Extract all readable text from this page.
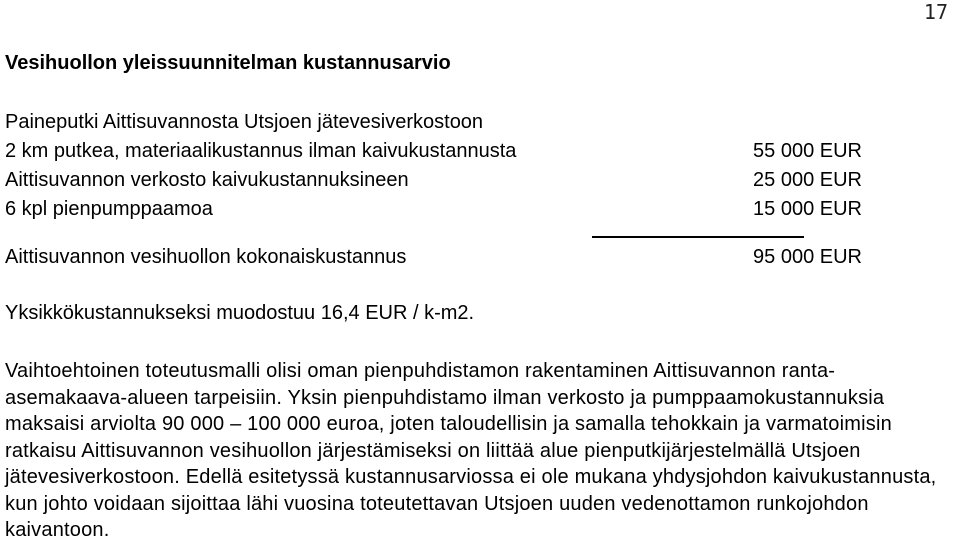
17
Vesihuollon yleissuunnitelman kustannusarvio
Paineputki Aittisuvannosta Utsjoen jätevesiverkostoon
2 km putkea, materiaalikustannus ilman kaivukustannusta	55 000 EUR
Aittisuvannon verkosto kaivukustannuksineen	25 000 EUR
6 kpl pienpumppaamoa	15 000 EUR
Aittisuvannon vesihuollon kokonaiskustannus	95 000 EUR
Yksikkökustannukseksi muodostuu 16,4 EUR / k-m2.

Vaihtoehtoinen toteutusmalli olisi oman pienpuhdistamon rakentaminen Aittisuvannon ranta-asemakaava-alueen tarpeisiin. Yksin pienpuhdistamo ilman verkosto ja pumppaamokustannuksia maksaisi arviolta 90 000 – 100 000 euroa, joten taloudellisin ja samalla tehokkain ja varmatoimisin ratkaisu Aittisuvannon vesihuollon järjestämiseksi on liittää alue pienputkijärjestelmällä Utsjoen jätevesiverkostoon. Edellä esitetyssä kustannusarviossa ei ole mukana yhdysjohdon kaivukustannusta, kun johto voidaan sijoittaa lähi vuosina toteutettavan Utsjoen uuden vedenottamon runkojohdon kaivantoon.
